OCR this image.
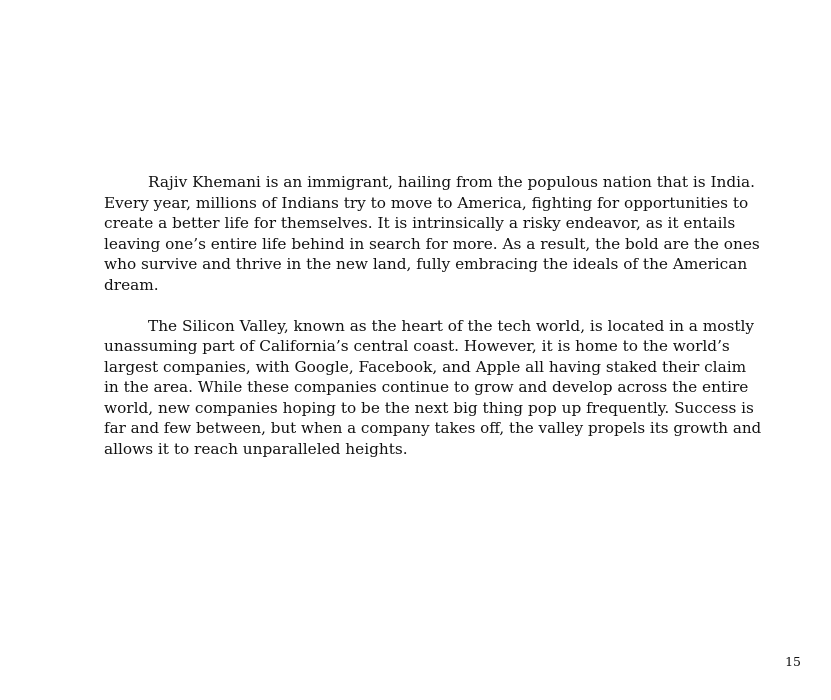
Rajiv Khemani is an immigrant, hailing from the populous nation that is India.
Every year, millions of Indians try to move to America, fighting for opportunities to
create a better life for themselves. It is intrinsically a risky endeavor, as it entails
leaving one’s entire life behind in search for more. As a result, the bold are the ones
who survive and thrive in the new land, fully embracing the ideals of the American
dream.
The Silicon Valley, known as the heart of the tech world, is located in a mostly
unassuming part of California’s central coast. However, it is home to the world’s
largest companies, with Google, Facebook, and Apple all having staked their claim
in the area. While these companies continue to grow and develop across the entire
world, new companies hoping to be the next big thing pop up frequently. Success is
far and few between, but when a company takes off, the valley propels its growth and
allows it to reach unparalleled heights.
15
